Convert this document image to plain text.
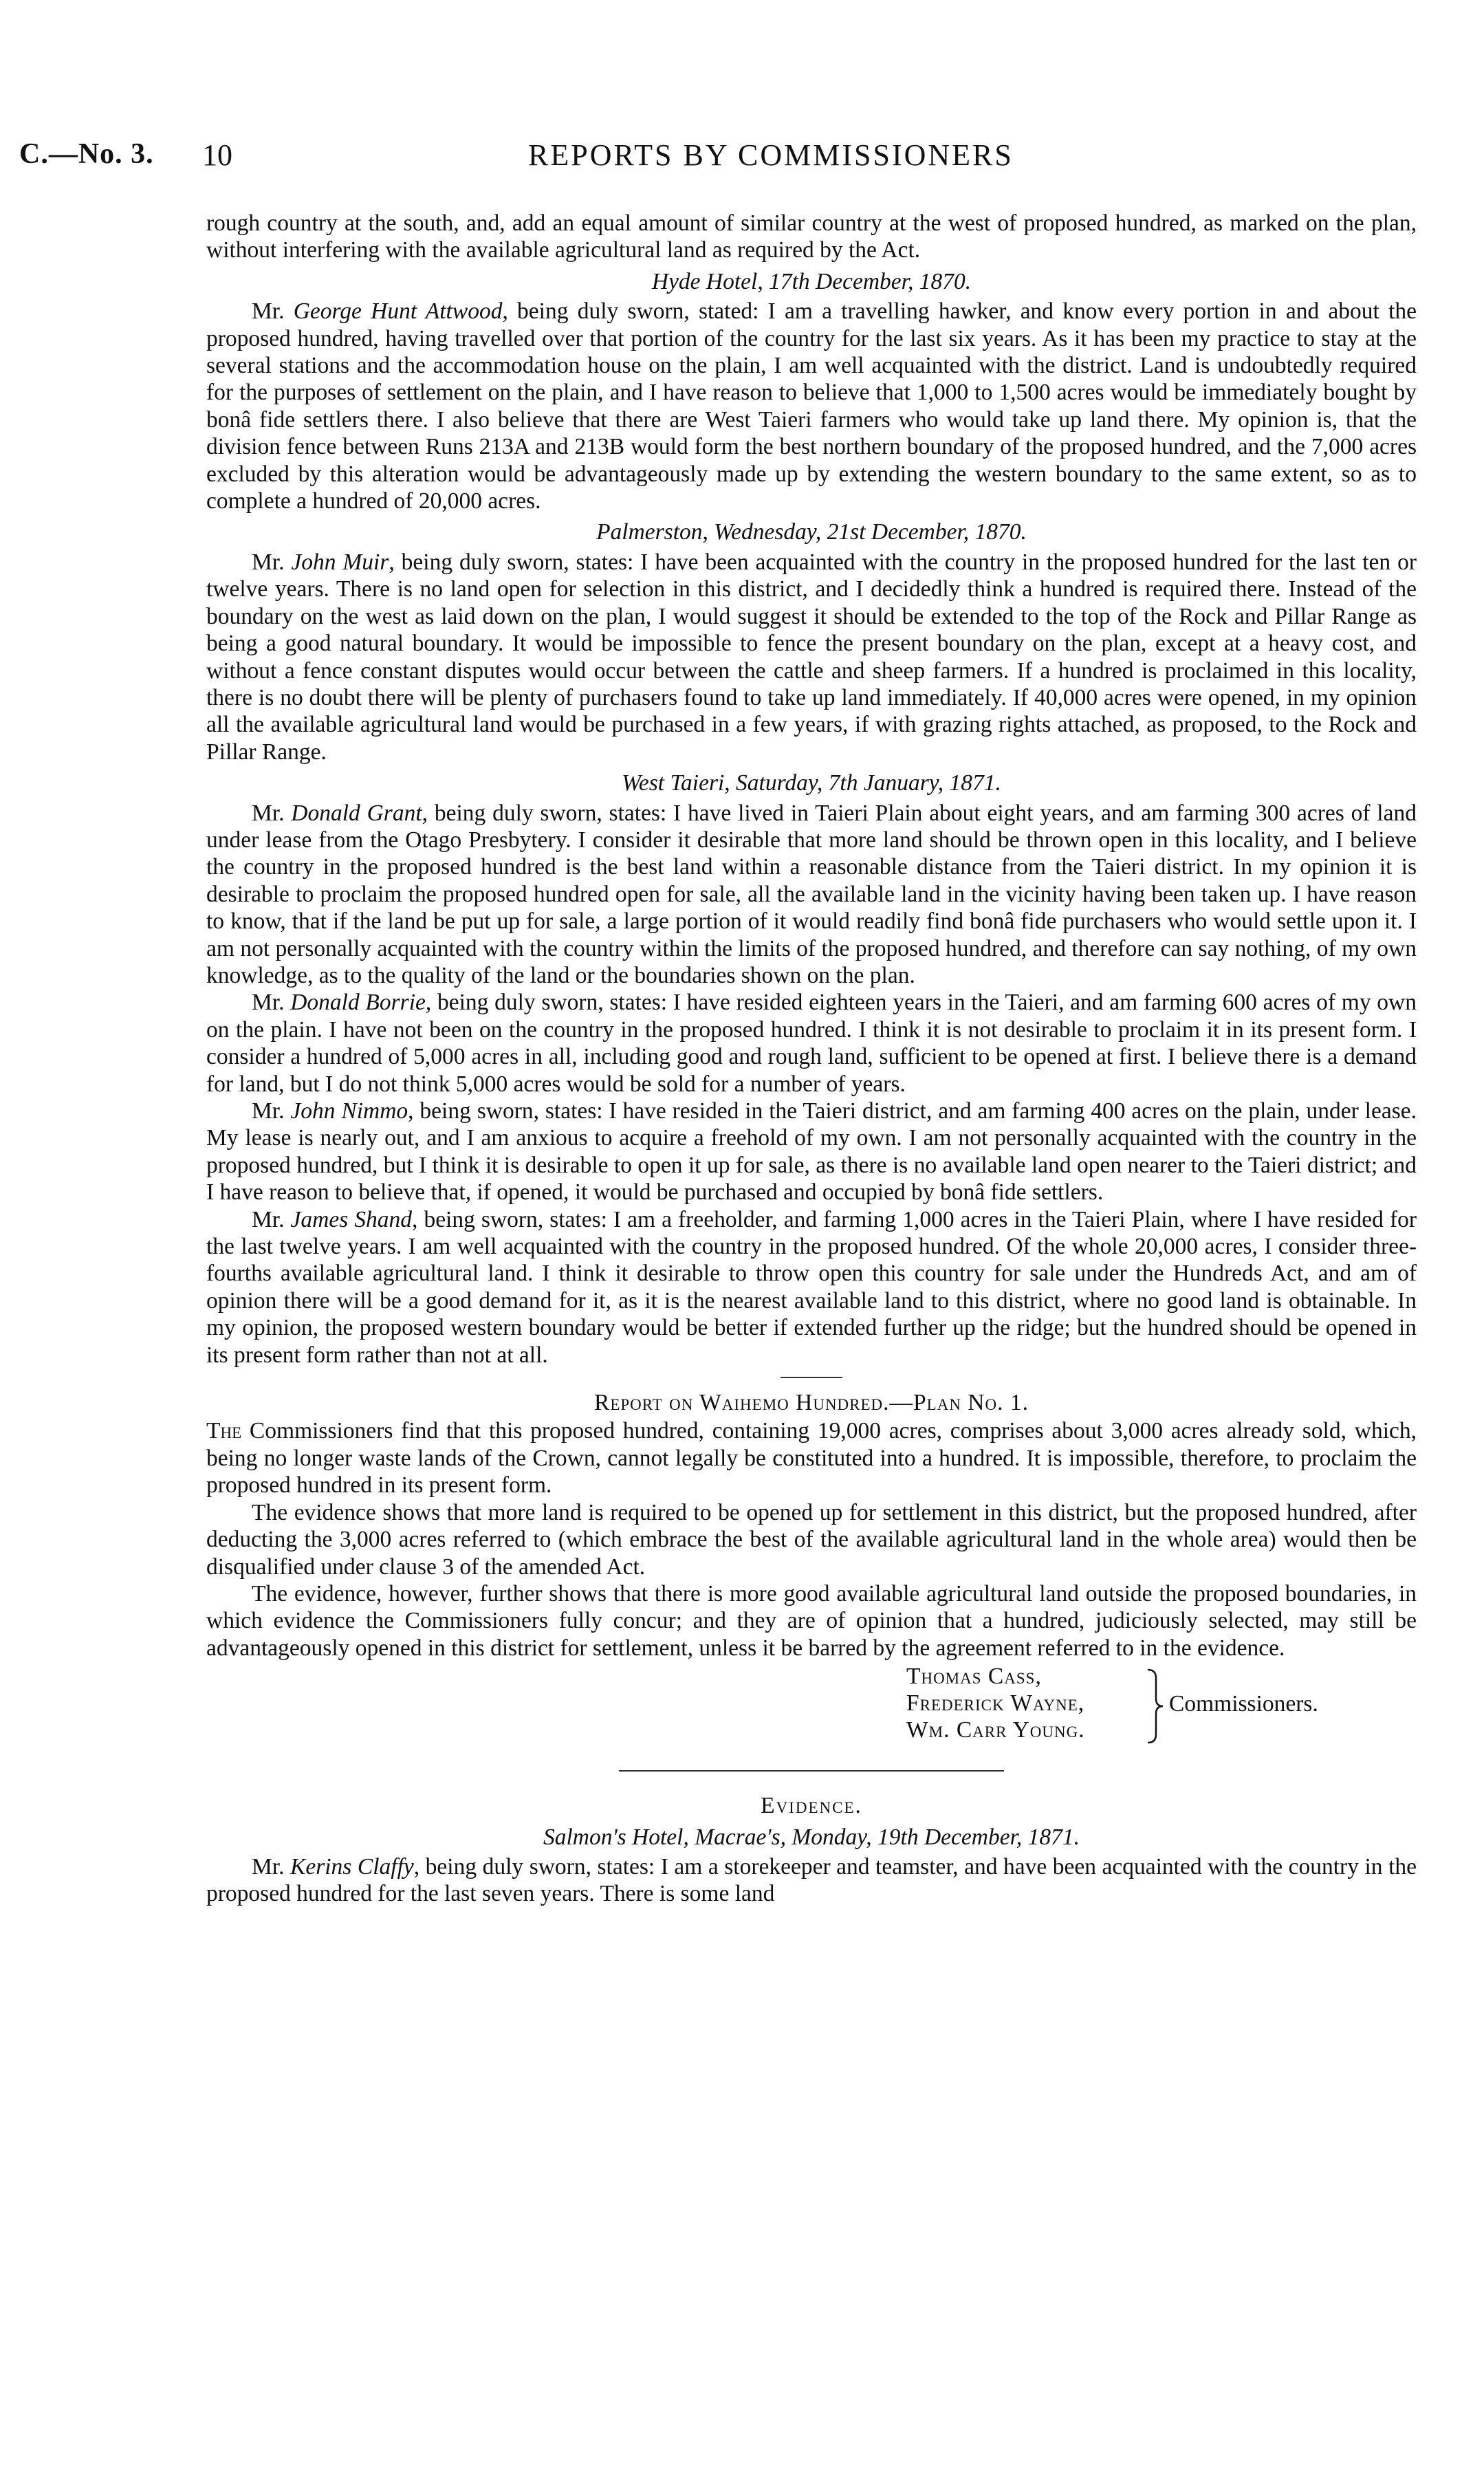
C.—No. 3. 10	REPORTS BY COMMISSIONERS

rough country at the south, and, add an equal amount of similar country at the west of proposed hundred, as marked on the plan, without interfering with the available agricultural land as required by the Act.

Hyde Hotel, 17th December, 1870.

Mr. George Hunt Attwood, being duly sworn, stated: I am a travelling hawker, and know every portion in and about the proposed hundred, having travelled over that portion of the country for the last six years. As it has been my practice to stay at the several stations and the accommodation house on the plain, I am well acquainted with the district. Land is undoubtedly required for the purposes of settlement on the plain, and I have reason to believe that 1,000 to 1,500 acres would be immediately bought by bonâ fide settlers there. I also believe that there are West Taieri farmers who would take up land there. My opinion is, that the division fence between Runs 213A and 213B would form the best northern boundary of the proposed hundred, and the 7,000 acres excluded by this alteration would be advantageously made up by extending the western boundary to the same extent, so as to complete a hundred of 20,000 acres.

Palmerston, Wednesday, 21st December, 1870.

Mr. John Muir, being duly sworn, states: I have been acquainted with the country in the proposed hundred for the last ten or twelve years. There is no land open for selection in this district, and I decidedly think a hundred is required there. Instead of the boundary on the west as laid down on the plan, I would suggest it should be extended to the top of the Rock and Pillar Range as being a good natural boundary. It would be impossible to fence the present boundary on the plan, except at a heavy cost, and without a fence constant disputes would occur between the cattle and sheep farmers. If a hundred is proclaimed in this locality, there is no doubt there will be plenty of purchasers found to take up land immediately. If 40,000 acres were opened, in my opinion all the available agricultural land would be purchased in a few years, if with grazing rights attached, as proposed, to the Rock and Pillar Range.

West Taieri, Saturday, 7th January, 1871.

Mr. Donald Grant, being duly sworn, states: I have lived in Taieri Plain about eight years, and am farming 300 acres of land under lease from the Otago Presbytery. I consider it desirable that more land should be thrown open in this locality, and I believe the country in the proposed hundred is the best land within a reasonable distance from the Taieri district. In my opinion it is desirable to proclaim the proposed hundred open for sale, all the available land in the vicinity having been taken up. I have reason to know, that if the land be put up for sale, a large portion of it would readily find bonâ fide purchasers who would settle upon it. I am not personally acquainted with the country within the limits of the proposed hundred, and therefore can say nothing, of my own knowledge, as to the quality of the land or the boundaries shown on the plan.

Mr. Donald Borrie, being duly sworn, states: I have resided eighteen years in the Taieri, and am farming 600 acres of my own on the plain. I have not been on the country in the proposed hundred. I think it is not desirable to proclaim it in its present form. I consider a hundred of 5,000 acres in all, including good and rough land, sufficient to be opened at first. I believe there is a demand for land, but I do not think 5,000 acres would be sold for a number of years.

Mr. John Nimmo, being sworn, states: I have resided in the Taieri district, and am farming 400 acres on the plain, under lease. My lease is nearly out, and I am anxious to acquire a freehold of my own. I am not personally acquainted with the country in the proposed hundred, but I think it is desirable to open it up for sale, as there is no available land open nearer to the Taieri district; and I have reason to believe that, if opened, it would be purchased and occupied by bonâ fide settlers.

Mr. James Shand, being sworn, states: I am a freeholder, and farming 1,000 acres in the Taieri Plain, where I have resided for the last twelve years. I am well acquainted with the country in the proposed hundred. Of the whole 20,000 acres, I consider three-fourths available agricultural land. I think it desirable to throw open this country for sale under the Hundreds Act, and am of opinion there will be a good demand for it, as it is the nearest available land to this district, where no good land is obtainable. In my opinion, the proposed western boundary would be better if extended further up the ridge; but the hundred should be opened in its present form rather than not at all.

Report on Waihemo Hundred.—Plan No. 1.

The Commissioners find that this proposed hundred, containing 19,000 acres, comprises about 3,000 acres already sold, which, being no longer waste lands of the Crown, cannot legally be constituted into a hundred. It is impossible, therefore, to proclaim the proposed hundred in its present form.

The evidence shows that more land is required to be opened up for settlement in this district, but the proposed hundred, after deducting the 3,000 acres referred to (which embrace the best of the available agricultural land in the whole area) would then be disqualified under clause 3 of the amended Act.

The evidence, however, further shows that there is more good available agricultural land outside the proposed boundaries, in which evidence the Commissioners fully concur; and they are of opinion that a hundred, judiciously selected, may still be advantageously opened in this district for settlement, unless it be barred by the agreement referred to in the evidence.

Thomas Cass,
Frederick Wayne,
Wm. Carr Young.
Commissioners.
Evidence.
Salmon's Hotel, Macrae's, Monday, 19th December, 1871.

Mr. Kerins Claffy, being duly sworn, states: I am a storekeeper and teamster, and have been acquainted with the country in the proposed hundred for the last seven years. There is some land
